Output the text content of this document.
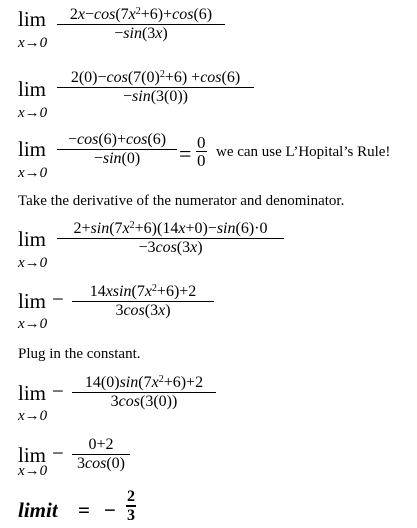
lim
$x\to 0 \frac{2x-\cos(7x^2+6)+\cos(6)}{-\sin(3x)}$
lim
x→0
$\frac{2(0)-\cos(7(0)^2+6) +\cos(6)}{-\sin(3(0))}$
lim
x→0
$\frac{-\cos(6)+\cos(6)}{-\sin(0)} = \frac{0}{0}$ we can use L’Hopital’s Rule!
Take the derivative of the numerator and denominator.
lim
x→0
$\frac{2+\sin(7x^2+6)(14x+0)-\sin(6)\cdot 0}{-3\cos(3x)}$
lim −
x→0
$\frac{14xsin(7x^2+6)+2}{3\cos(3x)}$
Plug in the constant.
lim −
x→0
$\frac{14(0)\sin(7x^2+6)+2}{3\cos(3(0))}$
lim −
$x\to 0 \frac{0+2}{3\cos(0)}$
limit = − $\frac{2}{3}$
